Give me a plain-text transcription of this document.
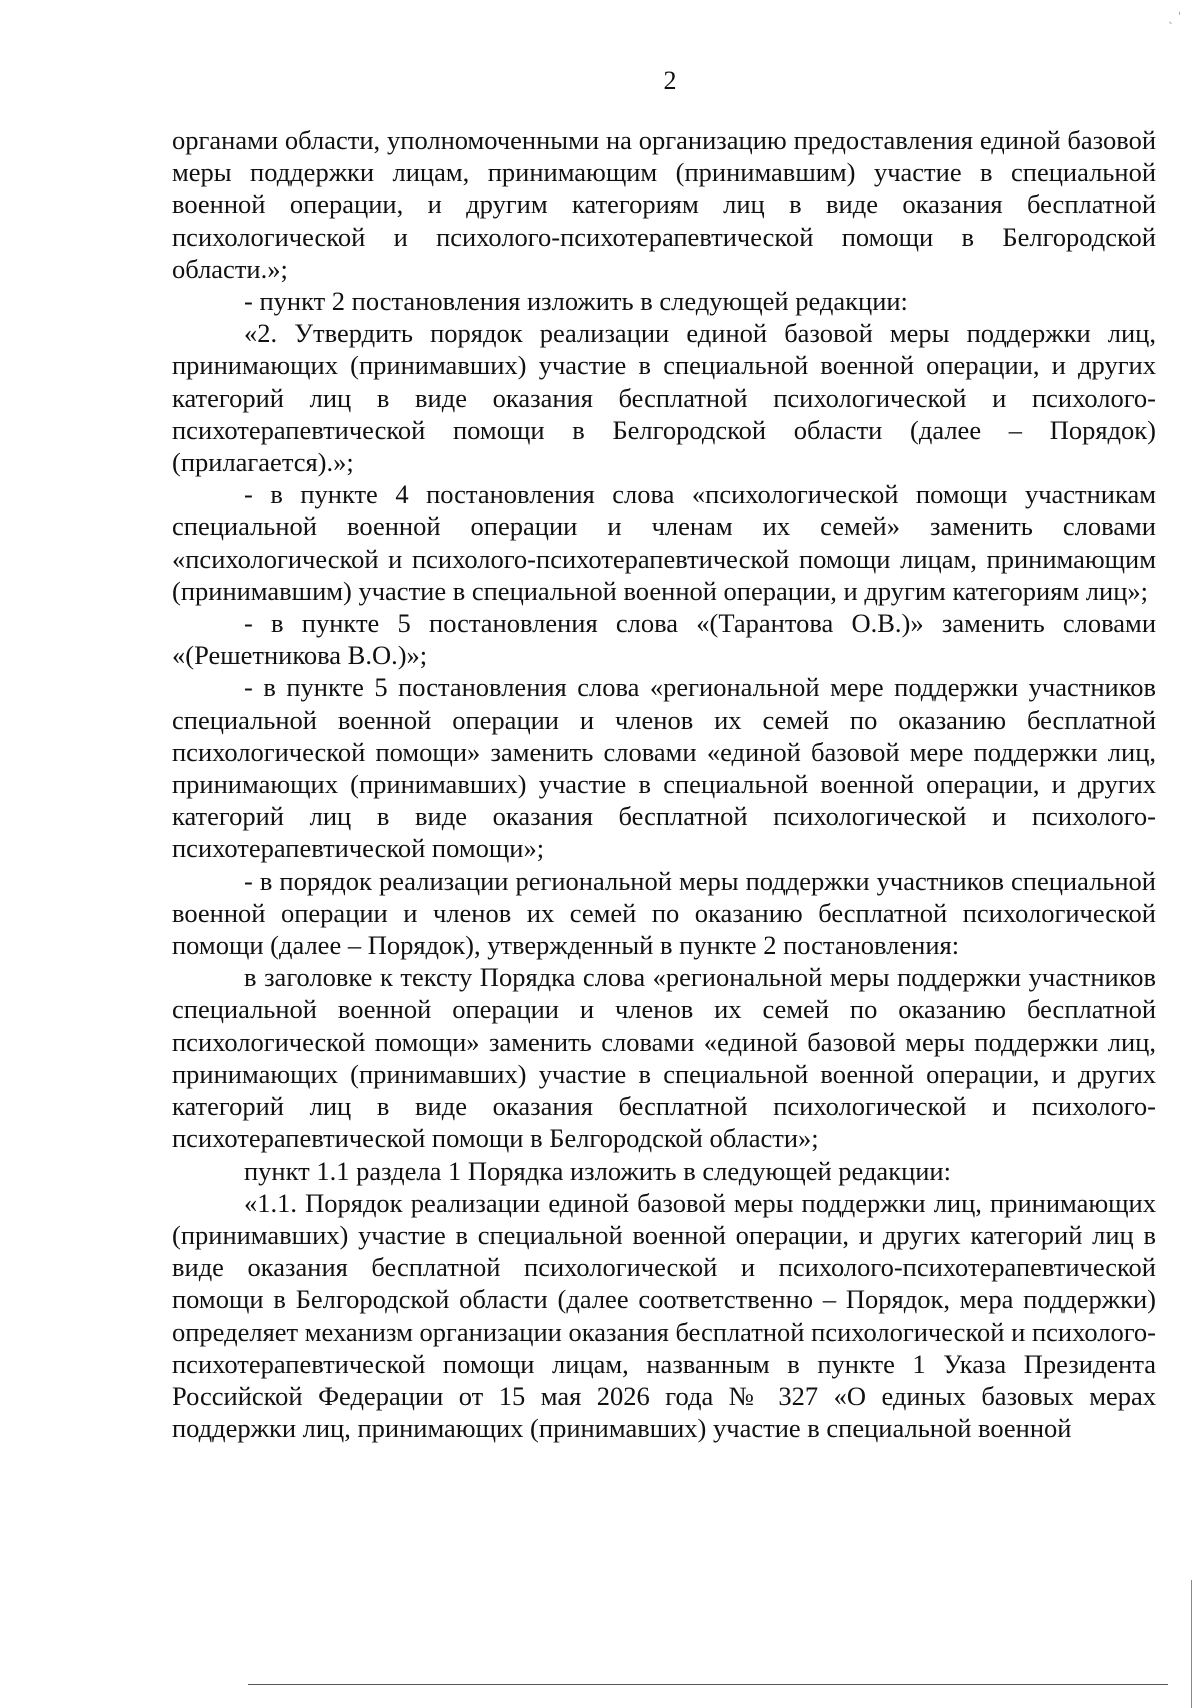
ˎ ˈ
2

органами области, уполномоченными на организацию предоставления единой базовой меры поддержки лицам, принимающим (принимавшим) участие в специальной военной операции, и другим категориям лиц в виде оказания бесплатной психологической и психолого-психотерапевтической помощи в Белгородской области.»;

- пункт 2 постановления изложить в следующей редакции:

«2. Утвердить порядок реализации единой базовой меры поддержки лиц, принимающих (принимавших) участие в специальной военной операции, и других категорий лиц в виде оказания бесплатной психологической и психолого-психотерапевтической помощи в Белгородской области (далее – Порядок) (прилагается).»;

- в пункте 4 постановления слова «психологической помощи участникам специальной военной операции и членам их семей» заменить словами «психологической и психолого-психотерапевтической помощи лицам, принимающим (принимавшим) участие в специальной военной операции, и другим категориям лиц»;

- в пункте 5 постановления слова «(Тарантова О.В.)» заменить словами «(Решетникова В.О.)»;

- в пункте 5 постановления слова «региональной мере поддержки участников специальной военной операции и членов их семей по оказанию бесплатной психологической помощи» заменить словами «единой базовой мере поддержки лиц, принимающих (принимавших) участие в специальной военной операции, и других категорий лиц в виде оказания бесплатной психологической и психолого-психотерапевтической помощи»;

- в порядок реализации региональной меры поддержки участников специальной военной операции и членов их семей по оказанию бесплатной психологической помощи (далее – Порядок), утвержденный в пункте 2 постановления:

в заголовке к тексту Порядка слова «региональной меры поддержки участников специальной военной операции и членов их семей по оказанию бесплатной психологической помощи» заменить словами «единой базовой меры поддержки лиц, принимающих (принимавших) участие в специальной военной операции, и других категорий лиц в виде оказания бесплатной психологической и психолого-психотерапевтической помощи в Белгородской области»;

пункт 1.1 раздела 1 Порядка изложить в следующей редакции:

«1.1. Порядок реализации единой базовой меры поддержки лиц, принимающих (принимавших) участие в специальной военной операции, и других категорий лиц в виде оказания бесплатной психологической и психолого-психотерапевтической помощи в Белгородской области (далее соответственно – Порядок, мера поддержки) определяет механизм организации оказания бесплатной психологической и психолого-психотерапевтической помощи лицам, названным в пункте 1 Указа Президента Российской Федерации от 15 мая 2026 года № 327 «О единых базовых мерах поддержки лиц, принимающих (принимавших) участие в специальной военной
